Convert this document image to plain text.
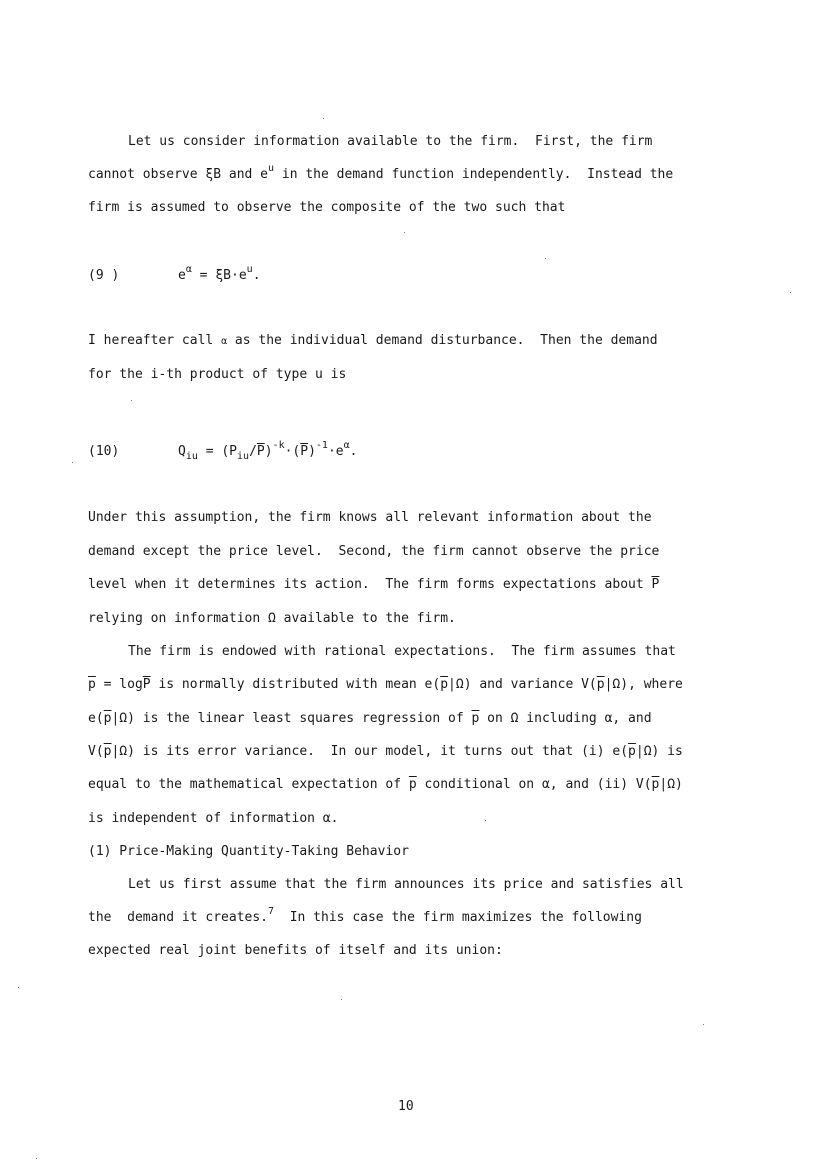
Let us consider information available to the firm.  First, the firm
cannot observe ξB and $e^u$ in the demand function independently.  Instead the
firm is assumed to observe the composite of the two such that
(9 )	$e^\alpha = \xi B\cdot e^u$.
I hereafter call α as the individual demand disturbance.  Then the demand
for the i-th product of type u is
(10)	$Q_{iu} = (P_{iu}/\overline{P})^{-k}\cdot(\overline{P})^{-1}\cdot e^\alpha$.
Under this assumption, the firm knows all relevant information about the
demand except the price level.  Second, the firm cannot observe the price
level when it determines its action.  The firm forms expectations about $\overline{P}$
relying on information Ω available to the firm.
The firm is endowed with rational expectations.  The firm assumes that
$\overline{p} = \log\overline{P}$ is normally distributed with mean $e(\overline{p}|\Omega)$ and variance $V(\overline{p}|\Omega)$, where
$e(\overline{p}|\Omega)$ is the linear least squares regression of $\overline{p}$ on Ω including α, and
$V(\overline{p}|\Omega)$ is its error variance.  In our model, it turns out that (i) $e(\overline{p}|\Omega)$ is
equal to the mathematical expectation of $\overline{p}$ conditional on α, and (ii) $V(\overline{p}|\Omega)$
is independent of information α.
(1) Price-Making Quantity-Taking Behavior
Let us first assume that the firm announces its price and satisfies all
the  demand it creates.$^7$  In this case the firm maximizes the following
expected real joint benefits of itself and its union:
10
